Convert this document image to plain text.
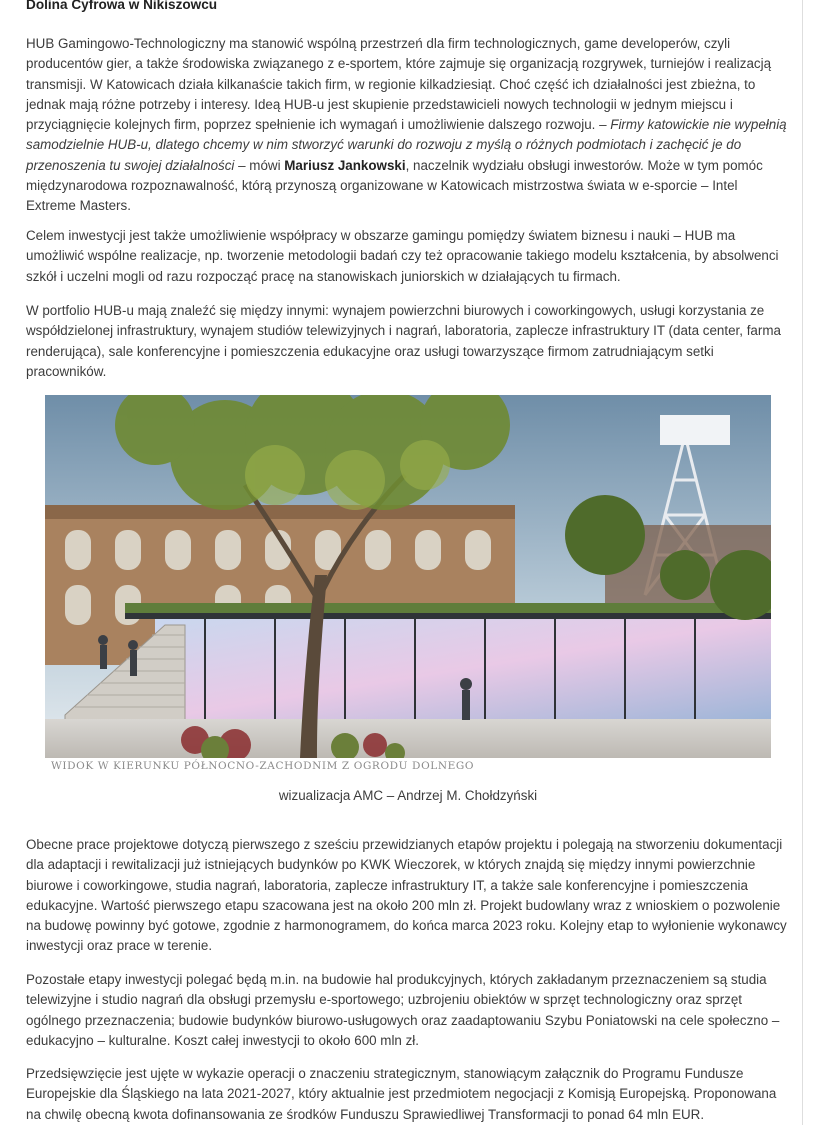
Dolina Cyfrowa w Nikiszowcu

HUB Gamingowo-Technologiczny ma stanowić wspólną przestrzeń dla firm technologicznych, game developerów, czyli producentów gier, a także środowiska związanego z e-sportem, które zajmuje się organizacją rozgrywek, turniejów i realizacją transmisji. W Katowicach działa kilkanaście takich firm, w regionie kilkadziesiąt. Choć część ich działalności jest zbieżna, to jednak mają różne potrzeby i interesy. Ideą HUB-u jest skupienie przedstawicieli nowych technologii w jednym miejscu i przyciągnięcie kolejnych firm, poprzez spełnienie ich wymagań i umożliwienie dalszego rozwoju. – Firmy katowickie nie wypełnią samodzielnie HUB-u, dlatego chcemy w nim stworzyć warunki do rozwoju z myślą o różnych podmiotach i zachęcić je do przenoszenia tu swojej działalności – mówi Mariusz Jankowski, naczelnik wydziału obsługi inwestorów. Może w tym pomóc międzynarodowa rozpoznawalność, którą przynoszą organizowane w Katowicach mistrzostwa świata w e-sporcie – Intel Extreme Masters.

Celem inwestycji jest także umożliwienie współpracy w obszarze gamingu pomiędzy światem biznesu i nauki – HUB ma umożliwić wspólne realizacje, np. tworzenie metodologii badań czy też opracowanie takiego modelu kształcenia, by absolwenci szkół i uczelni mogli od razu rozpocząć pracę na stanowiskach juniorskich w działających tu firmach.

W portfolio HUB-u mają znaleźć się między innymi: wynajem powierzchni biurowych i coworkingowych, usługi korzystania ze współdzielonej infrastruktury, wynajem studiów telewizyjnych i nagrań, laboratoria, zaplecze infrastruktury IT (data center, farma renderująca), sale konferencyjne i pomieszczenia edukacyjne oraz usługi towarzyszące firmom zatrudniającym setki pracowników.

WIDOK W KIERUNKU PÓŁNOCNO-ZACHODNIM Z OGRODU DOLNEGO
wizualizacja AMC – Andrzej M. Chołdzyński

Obecne prace projektowe dotyczą pierwszego z sześciu przewidzianych etapów projektu i polegają na stworzeniu dokumentacji dla adaptacji i rewitalizacji już istniejących budynków po KWK Wieczorek, w których znajdą się między innymi powierzchnie biurowe i coworkingowe, studia nagrań, laboratoria, zaplecze infrastruktury IT, a także sale konferencyjne i pomieszczenia edukacyjne. Wartość pierwszego etapu szacowana jest na około 200 mln zł. Projekt budowlany wraz z wnioskiem o pozwolenie na budowę powinny być gotowe, zgodnie z harmonogramem, do końca marca 2023 roku. Kolejny etap to wyłonienie wykonawcy inwestycji oraz prace w terenie.

Pozostałe etapy inwestycji polegać będą m.in. na budowie hal produkcyjnych, których zakładanym przeznaczeniem są studia telewizyjne i studio nagrań dla obsługi przemysłu e-sportowego; uzbrojeniu obiektów w sprzęt technologiczny oraz sprzęt ogólnego przeznaczenia; budowie budynków biurowo-usługowych oraz zaadaptowaniu Szybu Poniatowski na cele społeczno – edukacyjno – kulturalne. Koszt całej inwestycji to około 600 mln zł.

Przedsięwzięcie jest ujęte w wykazie operacji o znaczeniu strategicznym, stanowiącym załącznik do Programu Fundusze Europejskie dla Śląskiego na lata 2021-2027, który aktualnie jest przedmiotem negocjacji z Komisją Europejską. Proponowana na chwilę obecną kwota dofinansowania ze środków Funduszu Sprawiedliwej Transformacji to ponad 64 mln EUR.
